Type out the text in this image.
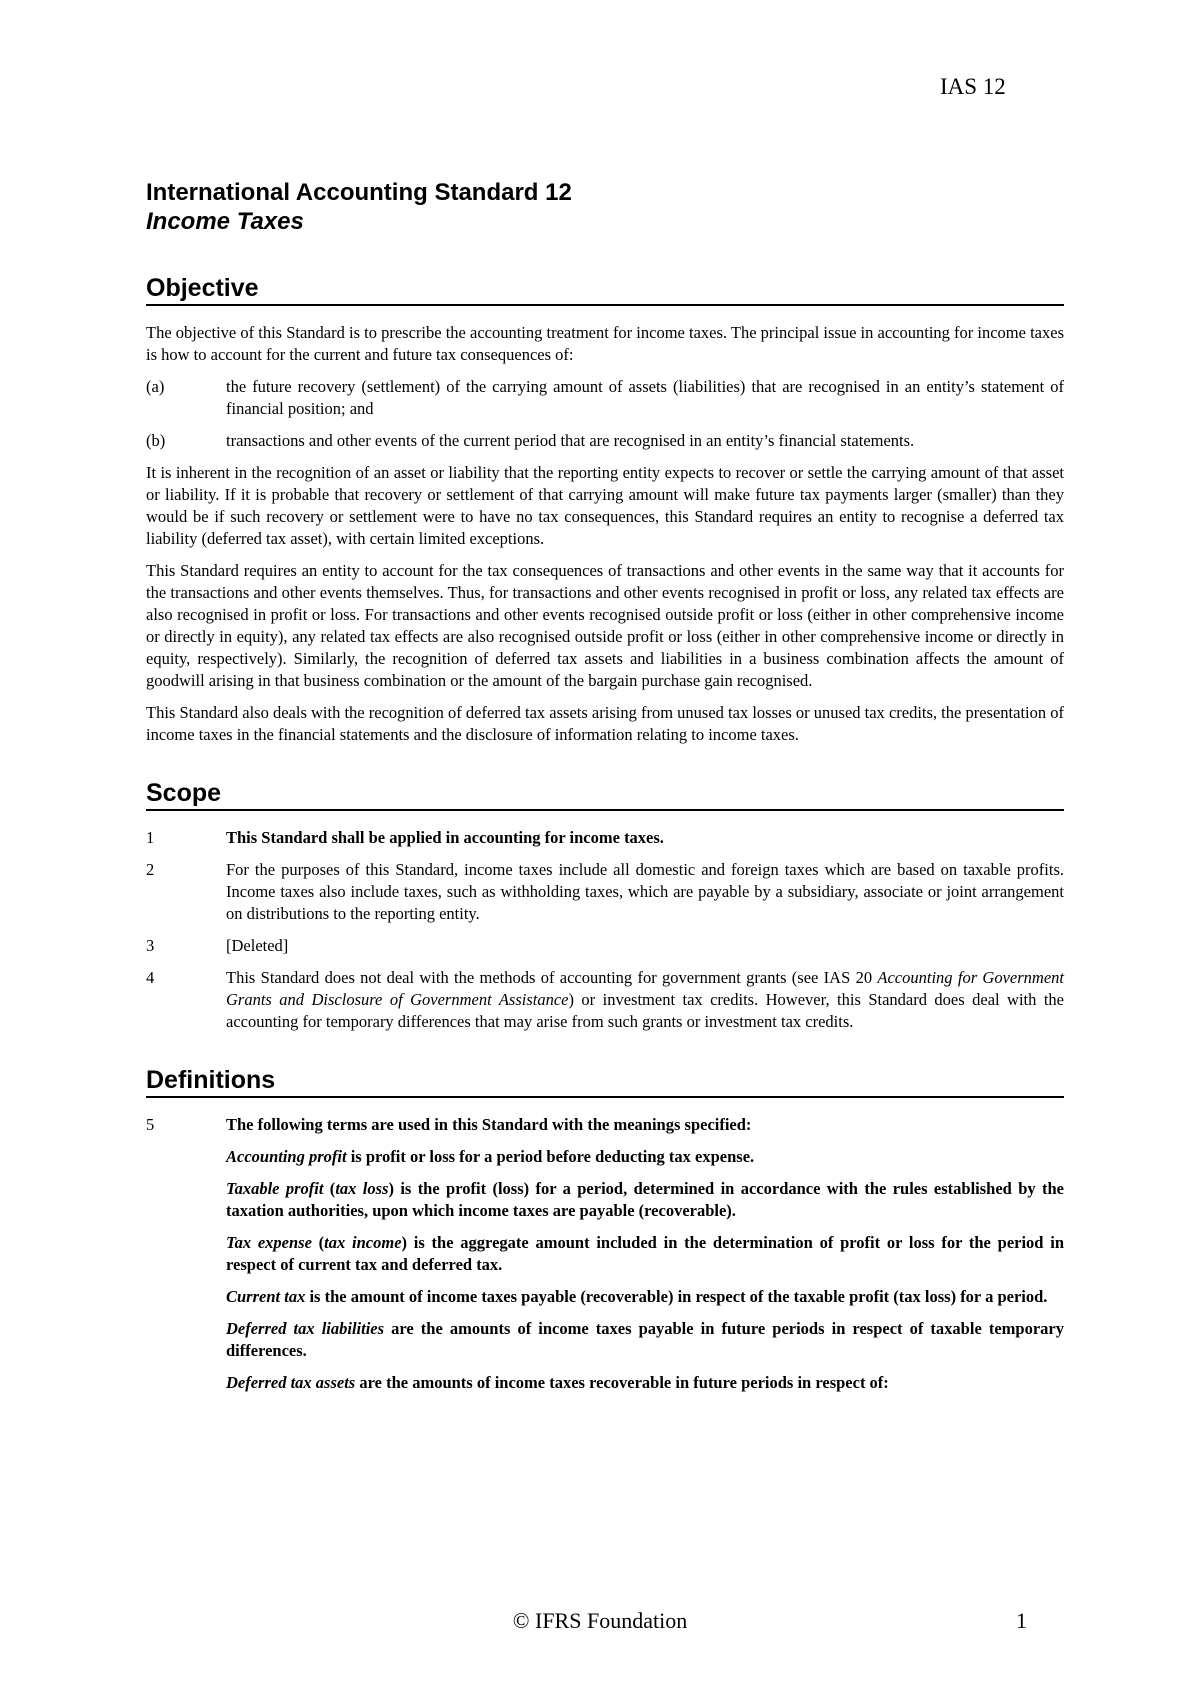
IAS 12
International Accounting Standard 12
Income Taxes
Objective

The objective of this Standard is to prescribe the accounting treatment for income taxes. The principal issue in accounting for income taxes is how to account for the current and future tax consequences of:

(a)	the future recovery (settlement) of the carrying amount of assets (liabilities) that are recognised in an entity’s statement of financial position; and
(b)	transactions and other events of the current period that are recognised in an entity’s financial statements.

It is inherent in the recognition of an asset or liability that the reporting entity expects to recover or settle the carrying amount of that asset or liability. If it is probable that recovery or settlement of that carrying amount will make future tax payments larger (smaller) than they would be if such recovery or settlement were to have no tax consequences, this Standard requires an entity to recognise a deferred tax liability (deferred tax asset), with certain limited exceptions.

This Standard requires an entity to account for the tax consequences of transactions and other events in the same way that it accounts for the transactions and other events themselves. Thus, for transactions and other events recognised in profit or loss, any related tax effects are also recognised in profit or loss. For transactions and other events recognised outside profit or loss (either in other comprehensive income or directly in equity), any related tax effects are also recognised outside profit or loss (either in other comprehensive income or directly in equity, respectively). Similarly, the recognition of deferred tax assets and liabilities in a business combination affects the amount of goodwill arising in that business combination or the amount of the bargain purchase gain recognised.

This Standard also deals with the recognition of deferred tax assets arising from unused tax losses or unused tax credits, the presentation of income taxes in the financial statements and the disclosure of information relating to income taxes.

Scope
1	This Standard shall be applied in accounting for income taxes.
2	For the purposes of this Standard, income taxes include all domestic and foreign taxes which are based on taxable profits. Income taxes also include taxes, such as withholding taxes, which are payable by a subsidiary, associate or joint arrangement on distributions to the reporting entity.
3	[Deleted]
4	This Standard does not deal with the methods of accounting for government grants (see IAS 20 Accounting for Government Grants and Disclosure of Government Assistance) or investment tax credits. However, this Standard does deal with the accounting for temporary differences that may arise from such grants or investment tax credits.
Definitions
5	The following terms are used in this Standard with the meanings specified:

Accounting profit is profit or loss for a period before deducting tax expense.

Taxable profit (tax loss) is the profit (loss) for a period, determined in accordance with the rules established by the taxation authorities, upon which income taxes are payable (recoverable).

Tax expense (tax income) is the aggregate amount included in the determination of profit or loss for the period in respect of current tax and deferred tax.

Current tax is the amount of income taxes payable (recoverable) in respect of the taxable profit (tax loss) for a period.

Deferred tax liabilities are the amounts of income taxes payable in future periods in respect of taxable temporary differences.

Deferred tax assets are the amounts of income taxes recoverable in future periods in respect of:

© IFRS Foundation	1
